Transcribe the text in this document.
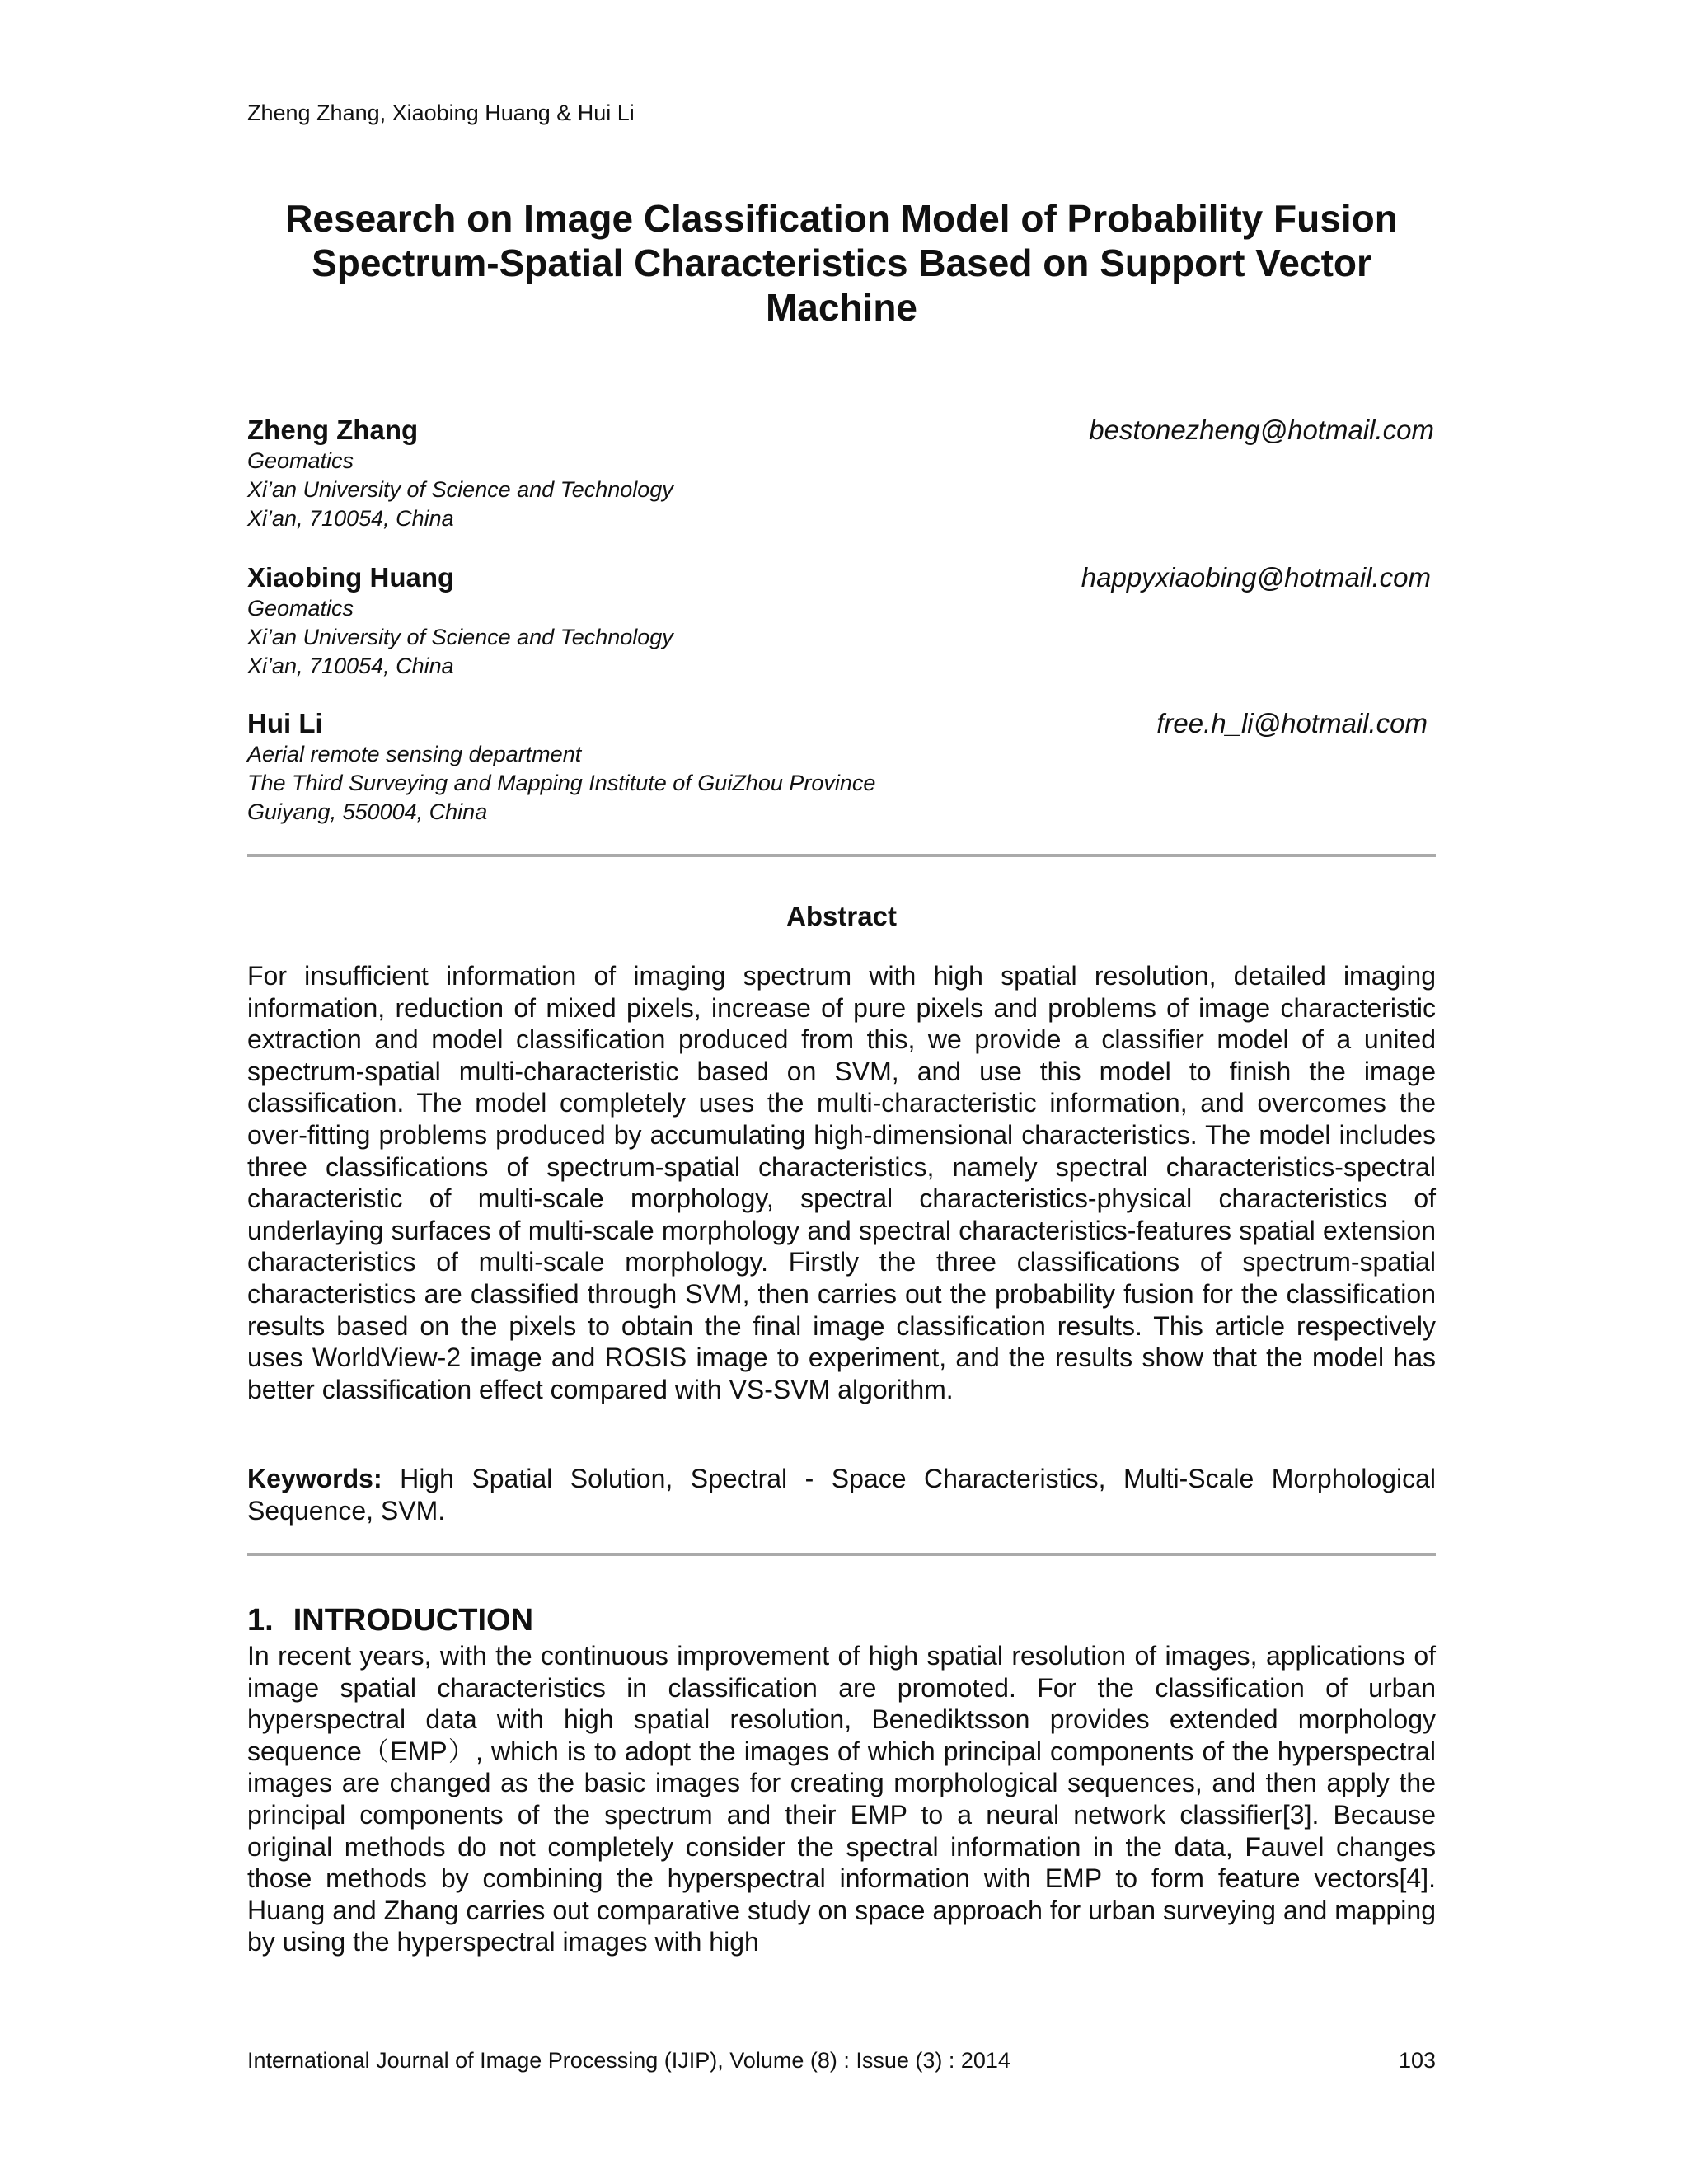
Zheng Zhang, Xiaobing Huang & Hui Li
Research on Image Classification Model of Probability Fusion
Spectrum-Spatial Characteristics Based on Support Vector
Machine
Zheng Zhang	bestonezheng@hotmail.com
Geomatics
Xi’an University of Science and Technology
Xi’an, 710054, China
Xiaobing Huang	happyxiaobing@hotmail.com
Geomatics
Xi’an University of Science and Technology
Xi’an, 710054, China
Hui Li	free.h_li@hotmail.com
Aerial remote sensing department
The Third Surveying and Mapping Institute of GuiZhou Province
Guiyang, 550004, China
Abstract

For insufficient information of imaging spectrum with high spatial resolution, detailed imaging information, reduction of mixed pixels, increase of pure pixels and problems of image characteristic extraction and model classification produced from this, we provide a classifier model of a united spectrum-spatial multi-characteristic based on SVM, and use this model to finish the image classification. The model completely uses the multi-characteristic information, and overcomes the over-fitting problems produced by accumulating high-dimensional characteristics. The model includes three classifications of spectrum-spatial characteristics, namely spectral characteristics-spectral characteristic of multi-scale morphology, spectral characteristics-physical characteristics of underlaying surfaces of multi-scale morphology and spectral characteristics-features spatial extension characteristics of multi-scale morphology. Firstly the three classifications of spectrum-spatial characteristics are classified through SVM, then carries out the probability fusion for the classification results based on the pixels to obtain the final image classification results. This article respectively uses WorldView-2 image and ROSIS image to experiment, and the results show that the model has better classification effect compared with VS-SVM algorithm.

Keywords: High Spatial Solution, Spectral - Space Characteristics, Multi-Scale Morphological Sequence, SVM.

1. INTRODUCTION

In recent years, with the continuous improvement of high spatial resolution of images, applications of image spatial characteristics in classification are promoted. For the classification of urban hyperspectral data with high spatial resolution, Benediktsson provides extended morphology sequence（EMP）, which is to adopt the images of which principal components of the hyperspectral images are changed as the basic images for creating morphological sequences, and then apply the principal components of the spectrum and their EMP to a neural network classifier[3]. Because original methods do not completely consider the spectral information in the data, Fauvel changes those methods by combining the hyperspectral information with EMP to form feature vectors[4]. Huang and Zhang carries out comparative study on space approach for urban surveying and mapping by using the hyperspectral images with high

International Journal of Image Processing (IJIP), Volume (8) : Issue (3) : 2014	103
